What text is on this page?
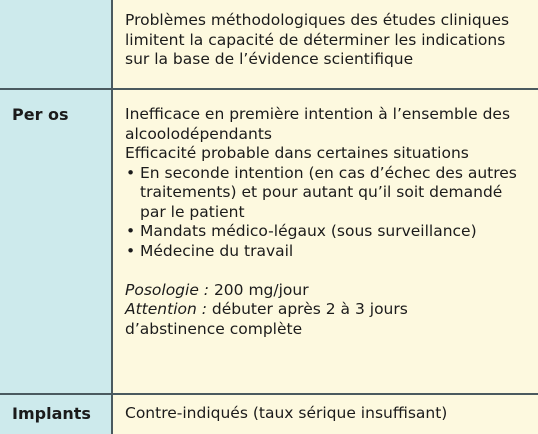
Problèmes méthodologiques des études cliniques
limitent la capacité de déterminer les indications
sur la base de l’évidence scientifique
Per os	Inefficace en première intention à l’ensemble des
alcoolodépendants
Efficacité probable dans certaines situations
• En seconde intention (en cas d’échec des autres
traitements) et pour autant qu’il soit demandé
par le patient
• Mandats médico-légaux (sous surveillance)
• Médecine du travail
Posologie : 200 mg/jour
Attention : débuter après 2 à 3 jours
d’abstinence complète
Implants Contre-indiqués (taux sérique insuffisant)
